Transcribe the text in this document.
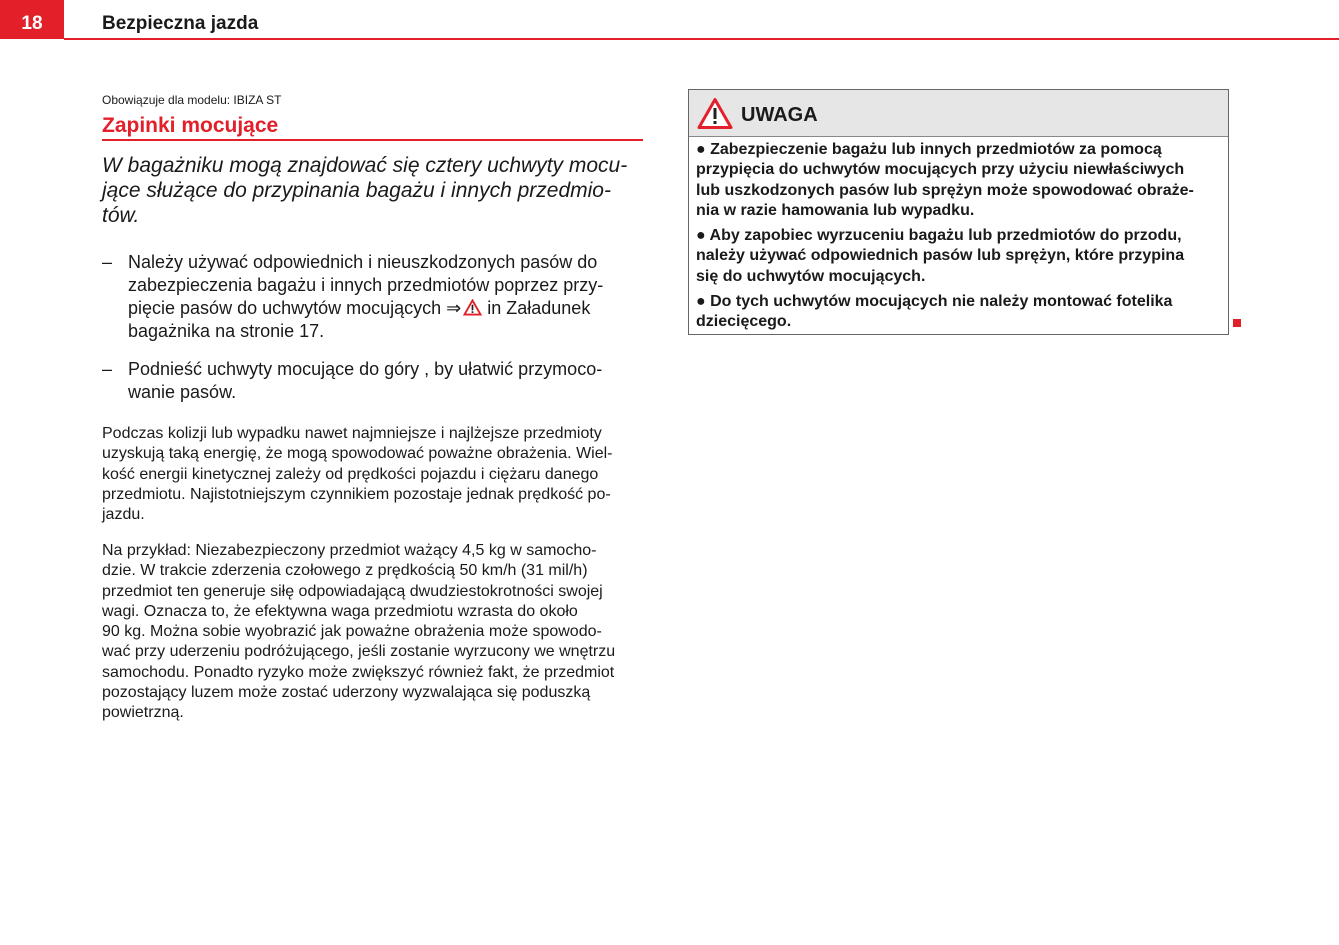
18	Bezpieczna jazda
Obowiązuje dla modelu: IBIZA ST
Zapinki mocujące
W bagażniku mogą znajdować się cztery uchwyty mocu-
jące służące do przypinania bagażu i innych przedmio-
tów.
– Należy używać odpowiednich i nieuszkodzonych pasów do
zabezpieczenia bagażu i innych przedmiotów poprzez przy-
pięcie pasów do uchwytów mocujących ⇒ in Załadunek
bagażnika na stronie 17.
– Podnieść uchwyty mocujące do góry , by ułatwić przymoco-
wanie pasów.
Podczas kolizji lub wypadku nawet najmniejsze i najlżejsze przedmioty
uzyskują taką energię, że mogą spowodować poważne obrażenia. Wiel-
kość energii kinetycznej zależy od prędkości pojazdu i ciężaru danego
przedmiotu. Najistotniejszym czynnikiem pozostaje jednak prędkość po-
jazdu.
Na przykład: Niezabezpieczony przedmiot ważący 4,5 kg w samocho-
dzie. W trakcie zderzenia czołowego z prędkością 50 km/h (31 mil/h)
przedmiot ten generuje siłę odpowiadającą dwudziestokrotności swojej
wagi. Oznacza to, że efektywna waga przedmiotu wzrasta do około
90 kg. Można sobie wyobrazić jak poważne obrażenia może spowodo-
wać przy uderzeniu podróżującego, jeśli zostanie wyrzucony we wnętrzu
samochodu. Ponadto ryzyko może zwiększyć również fakt, że przedmiot
pozostający luzem może zostać uderzony wyzwalająca się poduszką
powietrzną.
UWAGA
● Zabezpieczenie bagażu lub innych przedmiotów za pomocą
przypięcia do uchwytów mocujących przy użyciu niewłaściwych
lub uszkodzonych pasów lub sprężyn może spowodować obraże-
nia w razie hamowania lub wypadku.
● Aby zapobiec wyrzuceniu bagażu lub przedmiotów do przodu,
należy używać odpowiednich pasów lub sprężyn, które przypina
się do uchwytów mocujących.
● Do tych uchwytów mocujących nie należy montować fotelika
dziecięcego.
